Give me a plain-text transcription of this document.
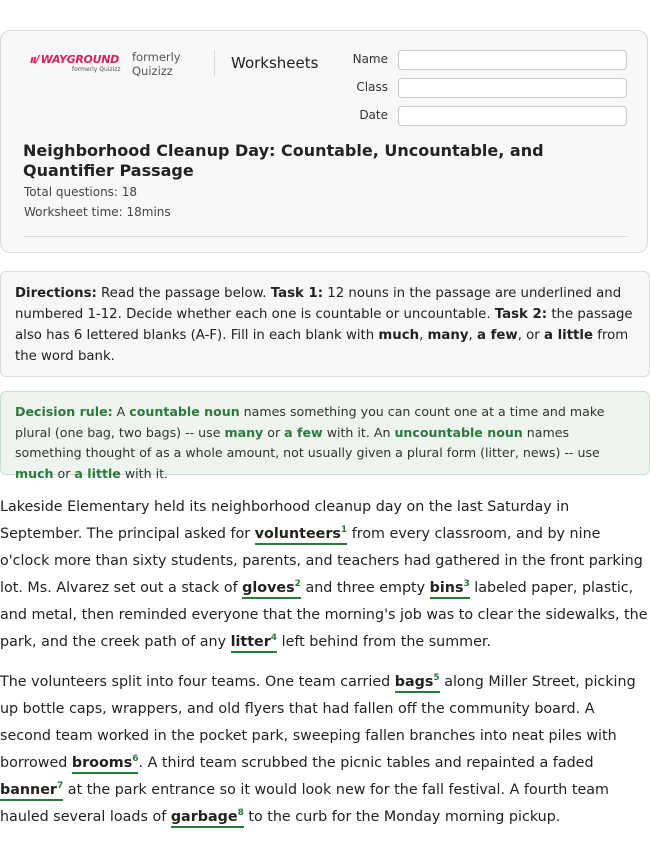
ıı/ WAYGROUND
formerly Quizizz
formerly
Quizizz	Worksheets	Name
Class
Date
Neighborhood Cleanup Day: Countable, Uncountable, and Quantifier Passage
Total questions: 18
Worksheet time: 18mins
Directions: Read the passage below. Task 1: 12 nouns in the passage are underlined and numbered 1-12. Decide whether each one is countable or uncountable. Task 2: the passage also has 6 lettered blanks (A-F). Fill in each blank with much, many, a few, or a little from the word bank.
Decision rule: A countable noun names something you can count one at a time and make plural (one bag, two bags) -- use many or a few with it. An uncountable noun names something thought of as a whole amount, not usually given a plural form (litter, news) -- use much or a little with it.
Lakeside Elementary held its neighborhood cleanup day on the last Saturday in September. The principal asked for volunteers$^1$ from every classroom, and by nine o'clock more than sixty students, parents, and teachers had gathered in the front parking lot. Ms. Alvarez set out a stack of gloves$^2$ and three empty bins$^3$ labeled paper, plastic, and metal, then reminded everyone that the morning's job was to clear the sidewalks, the park, and the creek path of any litter$^4$ left behind from the summer.
The volunteers split into four teams. One team carried bags$^5$ along Miller Street, picking up bottle caps, wrappers, and old flyers that had fallen off the community board. A second team worked in the pocket park, sweeping fallen branches into neat piles with borrowed brooms$^6$. A third team scrubbed the picnic tables and repainted a faded banner$^7$ at the park entrance so it would look new for the fall festival. A fourth team hauled several loads of garbage$^8$ to the curb for the Monday morning pickup.
